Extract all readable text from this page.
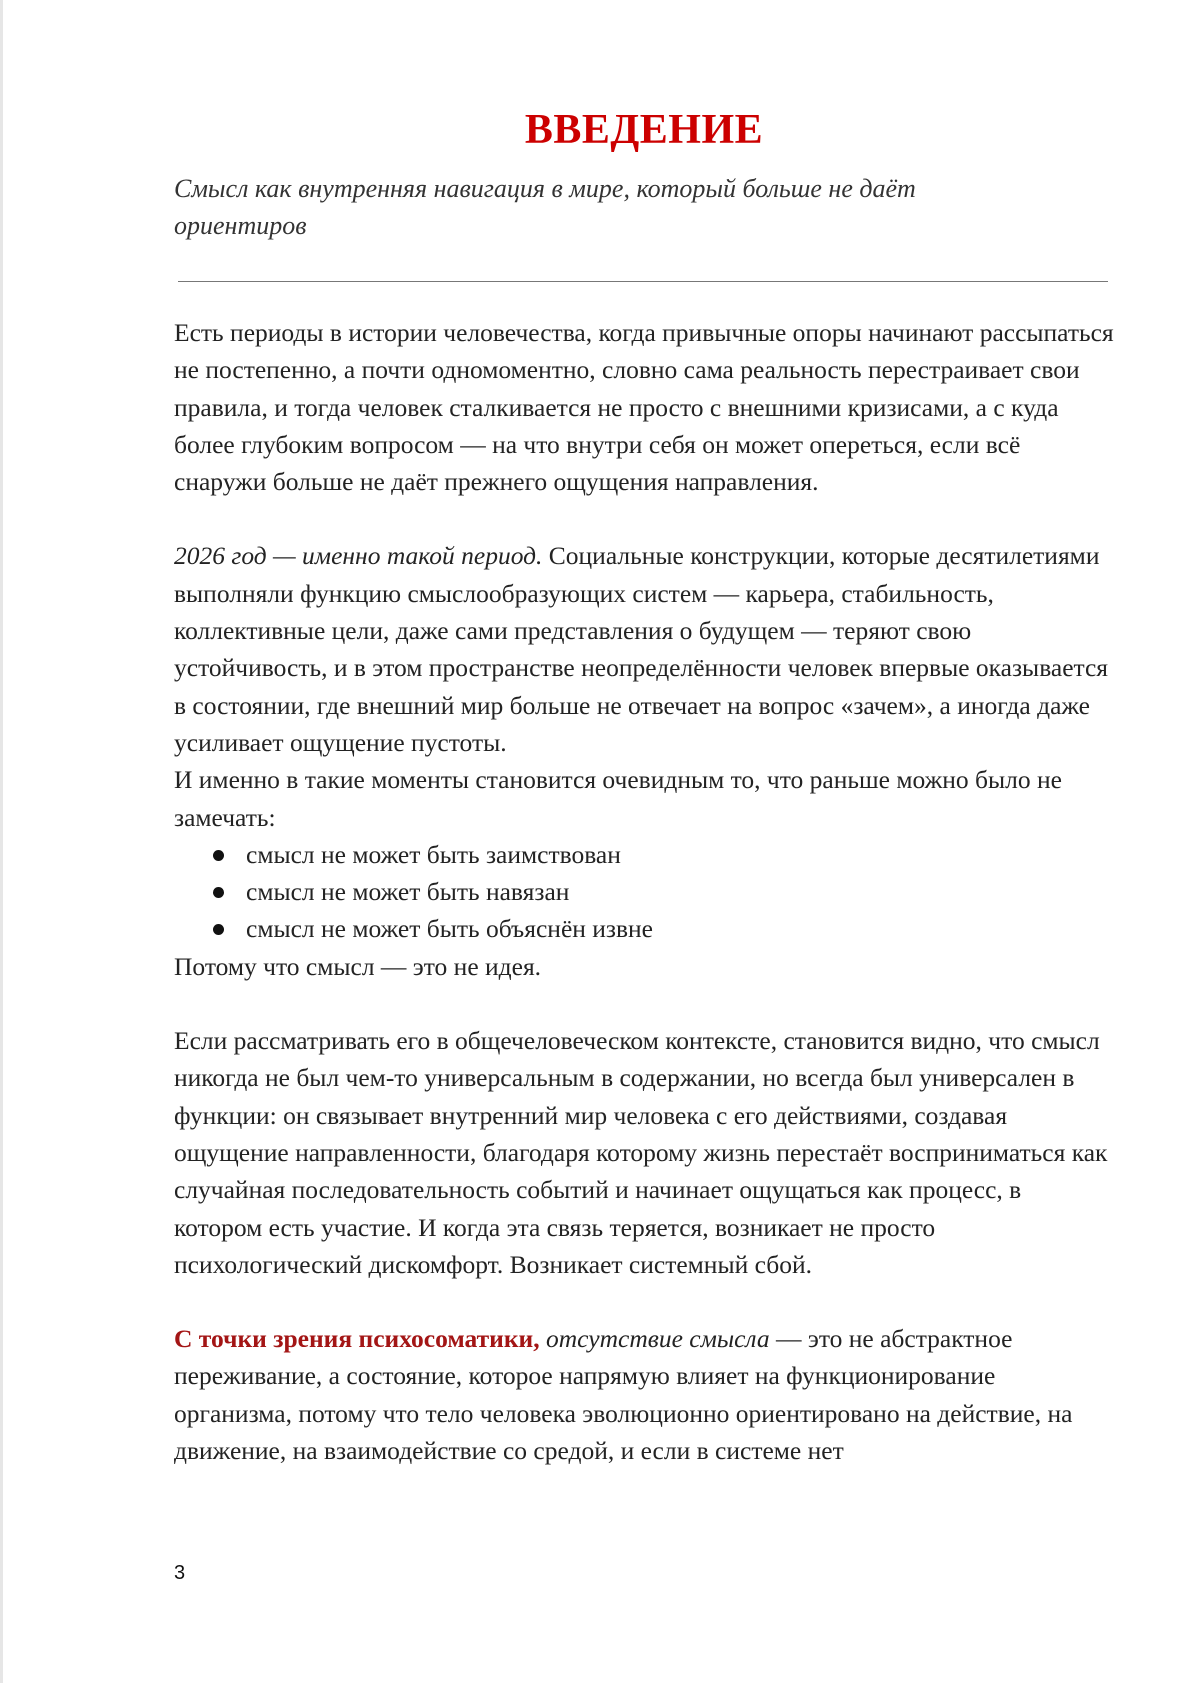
ВВЕДЕНИЕ

Смысл как внутренняя навигация в мире, который больше не даёт ориентиров

Есть периоды в истории человечества, когда привычные опоры начинают рассыпаться не постепенно, а почти одномоментно, словно сама реальность перестраивает свои правила, и тогда человек сталкивается не просто с внешними кризисами, а с куда более глубоким вопросом — на что внутри себя он может опереться, если всё снаружи больше не даёт прежнего ощущения направления.

2026 год — именно такой период. Социальные конструкции, которые десятилетиями выполняли функцию смыслообразующих систем — карьера, стабильность, коллективные цели, даже сами представления о будущем — теряют свою устойчивость, и в этом пространстве неопределённости человек впервые оказывается в состоянии, где внешний мир больше не отвечает на вопрос «зачем», а иногда даже усиливает ощущение пустоты.

И именно в такие моменты становится очевидным то, что раньше можно было не замечать:

смысл не может быть заимствован
смысл не может быть навязан
смысл не может быть объяснён извне

Потому что смысл — это не идея.

Если рассматривать его в общечеловеческом контексте, становится видно, что смысл никогда не был чем-то универсальным в содержании, но всегда был универсален в функции: он связывает внутренний мир человека с его действиями, создавая ощущение направленности, благодаря которому жизнь перестаёт восприниматься как случайная последовательность событий и начинает ощущаться как процесс, в котором есть участие. И когда эта связь теряется, возникает не просто психологический дискомфорт. Возникает системный сбой.

С точки зрения психосоматики, отсутствие смысла — это не абстрактное переживание, а состояние, которое напрямую влияет на функционирование организма, потому что тело человека эволюционно ориентировано на действие, на движение, на взаимодействие со средой, и если в системе нет

3
